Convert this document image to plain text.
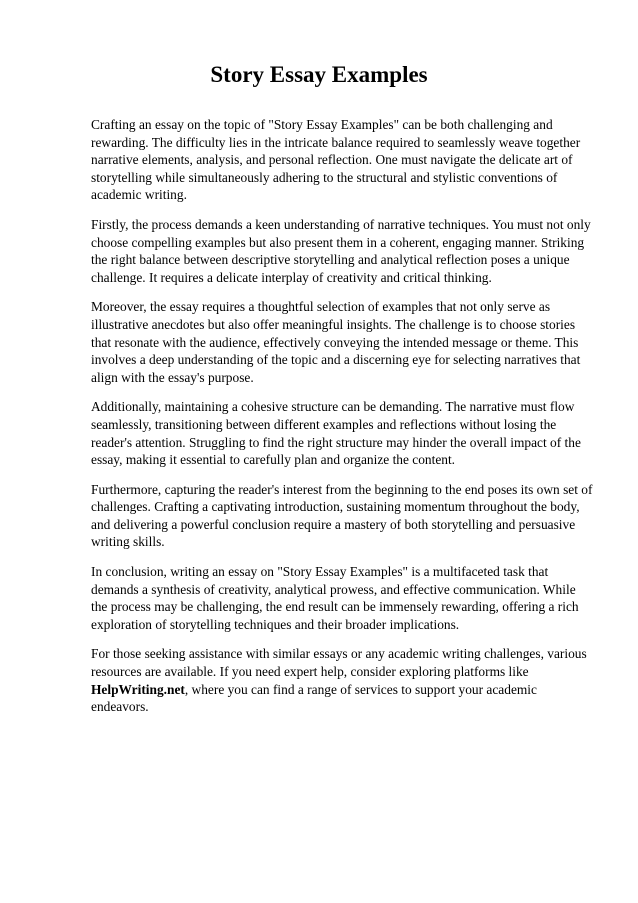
Story Essay Examples

Crafting an essay on the topic of "Story Essay Examples" can be both challenging and rewarding. The difficulty lies in the intricate balance required to seamlessly weave together narrative elements, analysis, and personal reflection. One must navigate the delicate art of storytelling while simultaneously adhering to the structural and stylistic conventions of academic writing.

Firstly, the process demands a keen understanding of narrative techniques. You must not only choose compelling examples but also present them in a coherent, engaging manner. Striking the right balance between descriptive storytelling and analytical reflection poses a unique challenge. It requires a delicate interplay of creativity and critical thinking.

Moreover, the essay requires a thoughtful selection of examples that not only serve as illustrative anecdotes but also offer meaningful insights. The challenge is to choose stories that resonate with the audience, effectively conveying the intended message or theme. This involves a deep understanding of the topic and a discerning eye for selecting narratives that align with the essay's purpose.

Additionally, maintaining a cohesive structure can be demanding. The narrative must flow seamlessly, transitioning between different examples and reflections without losing the reader's attention. Struggling to find the right structure may hinder the overall impact of the essay, making it essential to carefully plan and organize the content.

Furthermore, capturing the reader's interest from the beginning to the end poses its own set of challenges. Crafting a captivating introduction, sustaining momentum throughout the body, and delivering a powerful conclusion require a mastery of both storytelling and persuasive writing skills.

In conclusion, writing an essay on "Story Essay Examples" is a multifaceted task that demands a synthesis of creativity, analytical prowess, and effective communication. While the process may be challenging, the end result can be immensely rewarding, offering a rich exploration of storytelling techniques and their broader implications.

For those seeking assistance with similar essays or any academic writing challenges, various resources are available. If you need expert help, consider exploring platforms like HelpWriting.net, where you can find a range of services to support your academic endeavors.
